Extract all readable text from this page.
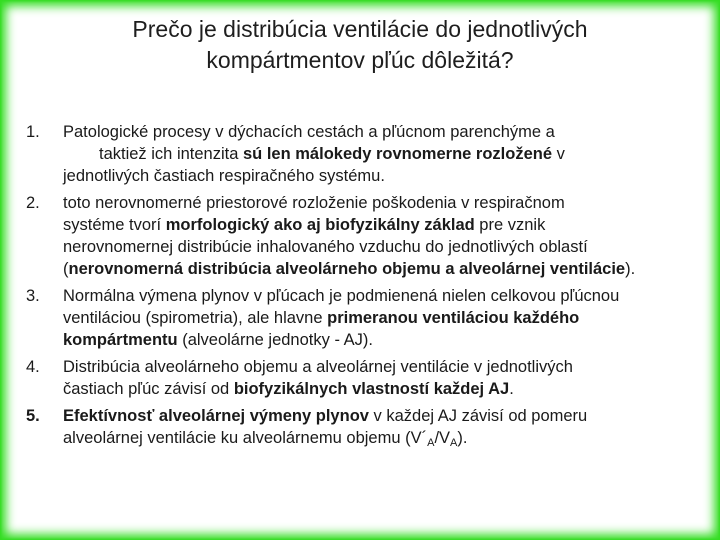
Prečo je distribúcia ventilácie do jednotlivých
kompártmentov pľúc dôležitá?
1.	Patologické procesy v dýchacích cestách a pľúcnom parenchýme a
taktiež ich intenzita sú len málokedy rovnomerne rozložené v
jednotlivých častiach respiračného systému.
2.	toto nerovnomerné priestorové rozloženie poškodenia v respiračnom
systéme tvorí morfologický ako aj biofyzikálny základ pre vznik
nerovnomernej distribúcie inhalovaného vzduchu do jednotlivých oblastí
(nerovnomerná distribúcia alveolárneho objemu a alveolárnej ventilácie).
3.	Normálna výmena plynov v pľúcach je podmienená nielen celkovou pľúcnou
ventiláciou (spirometria), ale hlavne primeranou ventiláciou každého
kompártmentu (alveolárne jednotky - AJ).
4.	Distribúcia alveolárneho objemu a alveolárnej ventilácie v jednotlivých
častiach pľúc závisí od biofyzikálnych vlastností každej AJ.
5.	Efektívnosť alveolárnej výmeny plynov v každej AJ závisí od pomeru
alveolárnej ventilácie ku alveolárnemu objemu $(V´_A/V_A)$.
